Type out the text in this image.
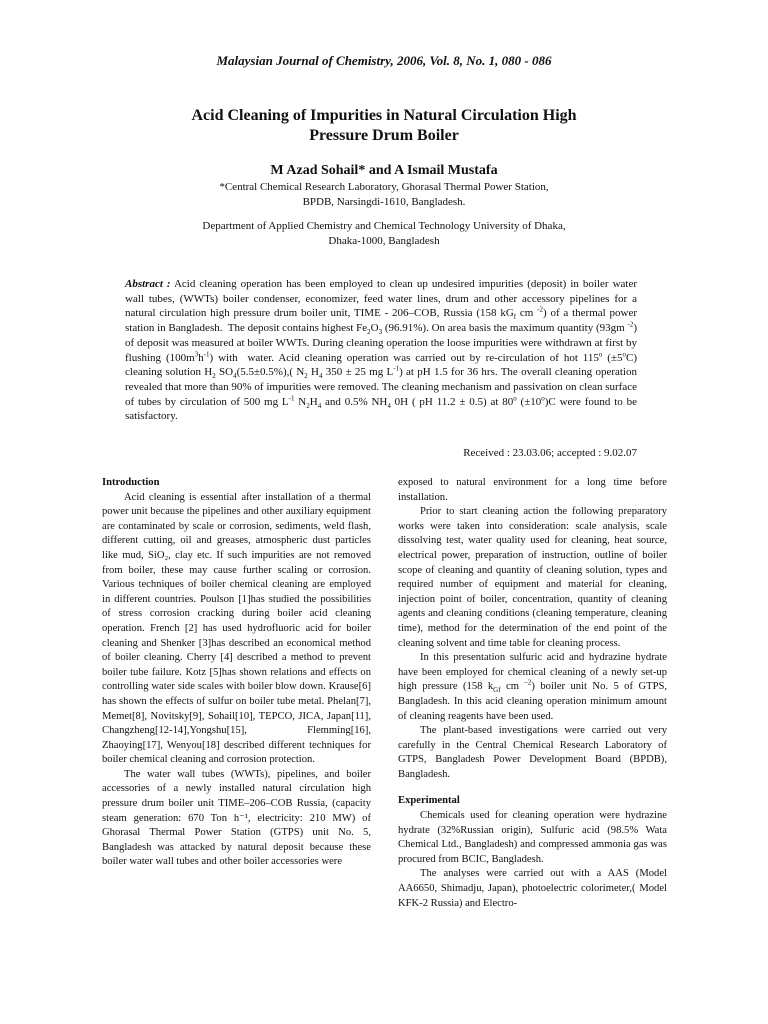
Malaysian Journal of Chemistry, 2006, Vol. 8, No. 1, 080 - 086
Acid Cleaning of Impurities in Natural Circulation High
Pressure Drum Boiler
M Azad Sohail* and A Ismail Mustafa
*Central Chemical Research Laboratory, Ghorasal Thermal Power Station,
BPDB, Narsingdi-1610, Bangladesh.
Department of Applied Chemistry and Chemical Technology University of Dhaka,
Dhaka-1000, Bangladesh
Abstract : Acid cleaning operation has been employed to clean up undesired impurities (deposit) in boiler water wall tubes, (WWTs) boiler condenser, economizer, feed water lines, drum and other accessory pipelines for a natural circulation high pressure drum boiler unit, TIME - 206–COB, Russia (158 $kG_f$ cm $^{-2}$) of a thermal power station in Bangladesh.  The deposit contains highest $Fe_2O_3$ (96.91%). On area basis the maximum quantity (93gm $^{-2}$) of deposit was measured at boiler WWTs. During cleaning operation the loose impurities were withdrawn at first by flushing $(100m^3h^{-1})$ with  water. Acid cleaning operation was carried out by re-circulation of hot 115$^o$ $(\pm 5^oC)$ cleaning solution $H_2$ $SO_4(5.5\pm 0.5\%)$,( $N_2$ $H_4$ 350 ± 25 mg $L^{-1}$) at pH 1.5 for 36 hrs. The overall cleaning operation revealed that more than 90% of impurities were removed. The cleaning mechanism and passivation on clean surface of tubes by circulation of 500 mg $L^{-1}$ $N_2H_4$ and 0.5% $NH_4$ 0H ( pH 11.2 ± 0.5) at 80$^o$ $(\pm 10^o)C$ were found to be satisfactory.
Received : 23.03.06; accepted : 9.02.07
Introduction

Acid cleaning is essential after installation of a thermal power unit because the pipelines and other auxiliary equipment are contaminated by scale or corrosion, sediments, weld flash, different cutting, oil and greases, atmospheric dust particles like mud, SiO₂, clay etc. If such impurities are not removed from boiler, these may cause further scaling or corrosion. Various techniques of boiler chemical cleaning are employed in different countries. Poulson [1]has studied the possibilities of stress corrosion cracking during boiler acid cleaning operation. French [2] has used hydrofluoric acid for boiler cleaning and Shenker [3]has described an economical method of boiler cleaning. Cherry [4] described a method to prevent boiler tube failure. Kotz [5]has shown relations and effects on controlling water side scales with boiler blow down. Krause[6] has shown the effects of sulfur on boiler tube metal. Phelan[7], Memet[8], Novitsky[9], Sohail[10], TEPCO, JICA, Japan[11], Changzheng[12-14],Yongshu[15], Flemming[16], Zhaoying[17], Wenyou[18] described different techniques for boiler chemical cleaning and corrosion protection.

The water wall tubes (WWTs), pipelines, and boiler accessories of a newly installed natural circulation high pressure drum boiler unit TIME–206–COB Russia, (capacity steam generation: 670 Ton h⁻¹, electricity: 210 MW) of Ghorasal Thermal Power Station (GTPS) unit No. 5, Bangladesh was attacked by natural deposit because these boiler water wall tubes and other boiler accessories were

exposed to natural environment for a long time before installation.

Prior to start cleaning action the following preparatory works were taken into consideration: scale analysis, scale dissolving test, water quality used for cleaning, heat source, electrical power, preparation of instruction, outline of boiler scope of cleaning and quantity of cleaning solution, types and required number of equipment and material for cleaning, injection point of boiler, concentration, quantity of cleaning agents and cleaning conditions (cleaning temperature, cleaning time), method for the determination of the end point of the cleaning solvent and time table for cleaning process.

In this presentation sulfuric acid and hydrazine hydrate have been employed for chemical cleaning of a newly set-up high pressure (158 $k_{Gf}$ cm $^{-2}$) boiler unit No. 5 of GTPS, Bangladesh. In this acid cleaning operation minimum amount of cleaning reagents have been used.

The plant-based investigations were carried out very carefully in the Central Chemical Research Laboratory of GTPS, Bangladesh Power Development Board (BPDB), Bangladesh.

Experimental

Chemicals used for cleaning operation were hydrazine hydrate (32%Russian origin), Sulfuric acid (98.5% Wata Chemical Ltd., Bangladesh) and compressed ammonia gas was procured from BCIC, Bangladesh.

The analyses were carried out with a AAS (Model AA6650, Shimadju, Japan), photoelectric colorimeter,( Model KFK-2 Russia) and Electro-
